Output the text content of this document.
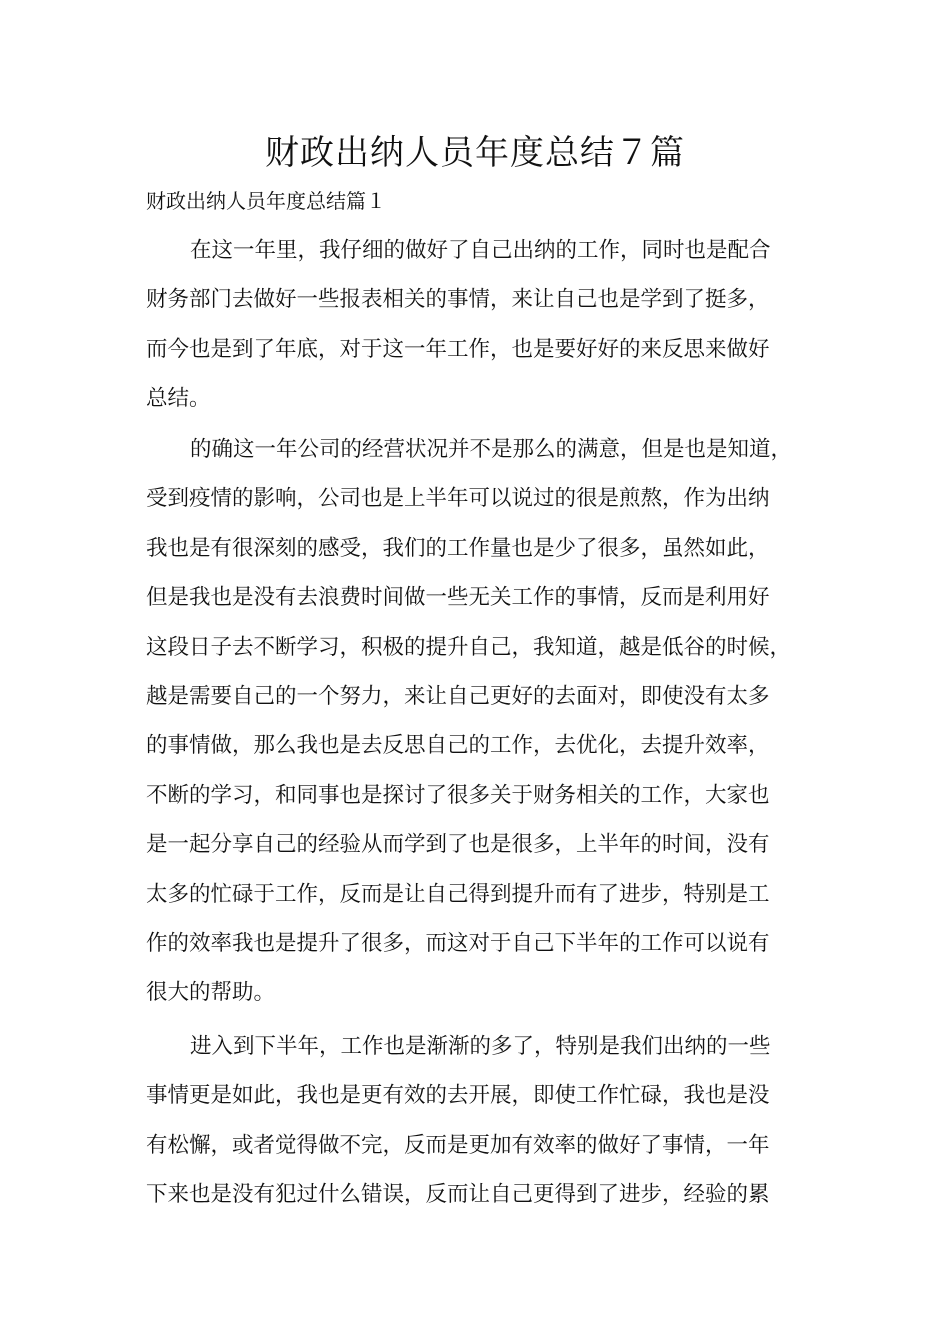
财政出纳人员年度总结７篇
财政出纳人员年度总结篇１
在这一年里，我仔细的做好了自己出纳的工作，同时也是配合
财务部门去做好一些报表相关的事情，来让自己也是学到了挺多，
而今也是到了年底，对于这一年工作，也是要好好的来反思来做好
总结。
的确这一年公司的经营状况并不是那么的满意，但是也是知道，
受到疫情的影响，公司也是上半年可以说过的很是煎熬，作为出纳
我也是有很深刻的感受，我们的工作量也是少了很多，虽然如此，
但是我也是没有去浪费时间做一些无关工作的事情，反而是利用好
这段日子去不断学习，积极的提升自己，我知道，越是低谷的时候，
越是需要自己的一个努力，来让自己更好的去面对，即使没有太多
的事情做，那么我也是去反思自己的工作，去优化，去提升效率，
不断的学习，和同事也是探讨了很多关于财务相关的工作，大家也
是一起分享自己的经验从而学到了也是很多，上半年的时间，没有
太多的忙碌于工作，反而是让自己得到提升而有了进步，特别是工
作的效率我也是提升了很多，而这对于自己下半年的工作可以说有
很大的帮助。
进入到下半年，工作也是渐渐的多了，特别是我们出纳的一些
事情更是如此，我也是更有效的去开展，即使工作忙碌，我也是没
有松懈，或者觉得做不完，反而是更加有效率的做好了事情，一年
下来也是没有犯过什么错误，反而让自己更得到了进步，经验的累
